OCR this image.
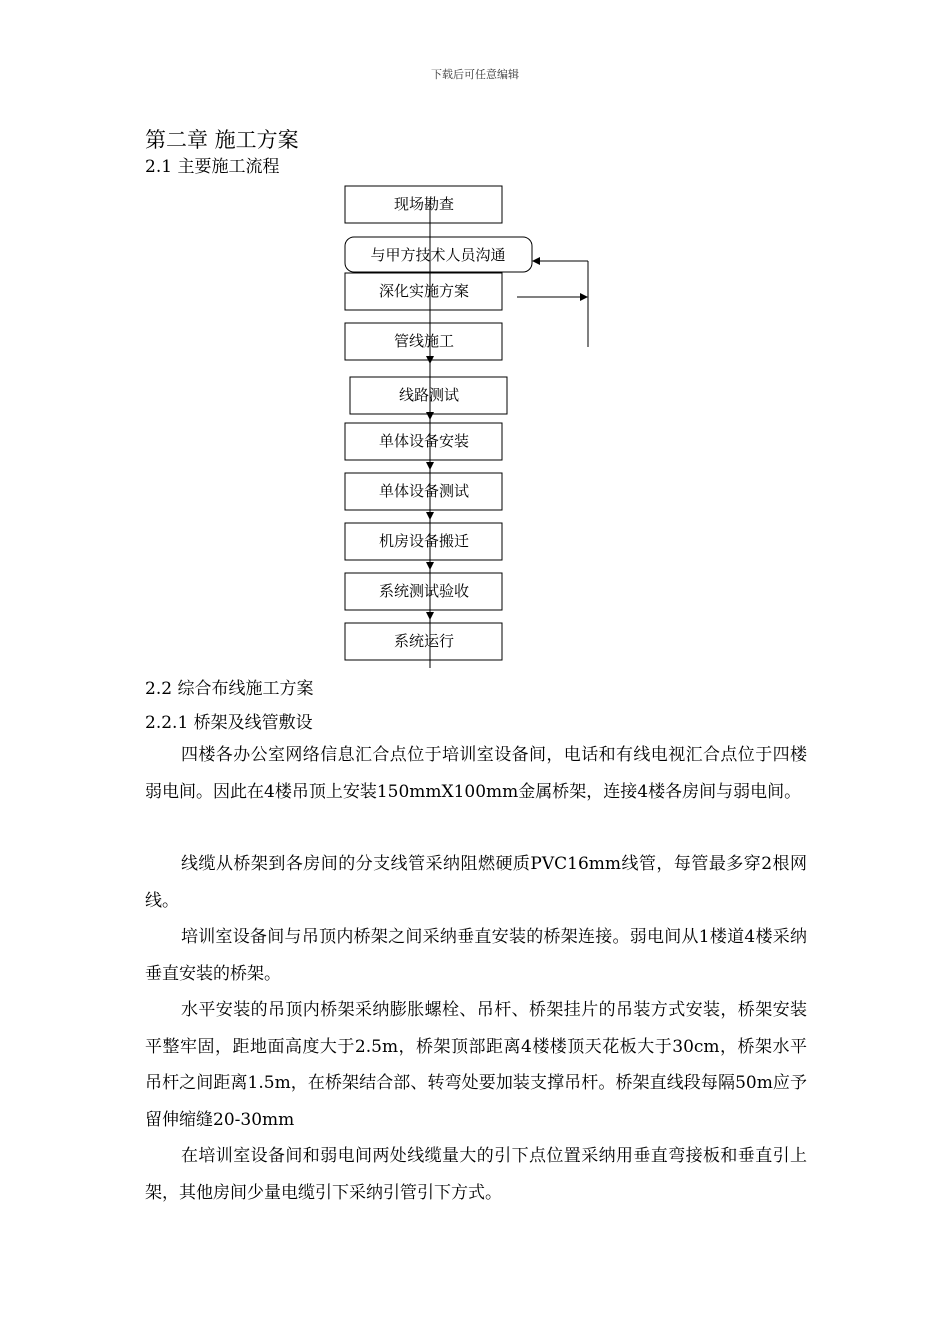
下载后可任意编辑
第二章 施工方案
2.1 主要施工流程
现场勘查
与甲方技术人员沟通
深化实施方案
管线施工
线路测试
单体设备安装
单体设备测试
机房设备搬迁
系统测试验收
系统运行
2.2 综合布线施工方案
2.2.1 桥架及线管敷设

四楼各办公室网络信息汇合点位于培训室设备间，电话和有线电视汇合点位于四楼弱电间。因此在4楼吊顶上安装150mmX100mm金属桥架，连接4楼各房间与弱电间。

线缆从桥架到各房间的分支线管采纳阻燃硬质PVC16mm线管，每管最多穿2根网线。

培训室设备间与吊顶内桥架之间采纳垂直安装的桥架连接。弱电间从1楼道4楼采纳垂直安装的桥架。

水平安装的吊顶内桥架采纳膨胀螺栓、吊杆、桥架挂片的吊装方式安装，桥架安装平整牢固，距地面高度大于2.5m，桥架顶部距离4楼楼顶天花板大于30cm，桥架水平吊杆之间距离1.5m，在桥架结合部、转弯处要加装支撑吊杆。桥架直线段每隔50m应予留伸缩缝20-30mm

在培训室设备间和弱电间两处线缆量大的引下点位置采纳用垂直弯接板和垂直引上架，其他房间少量电缆引下采纳引管引下方式。
